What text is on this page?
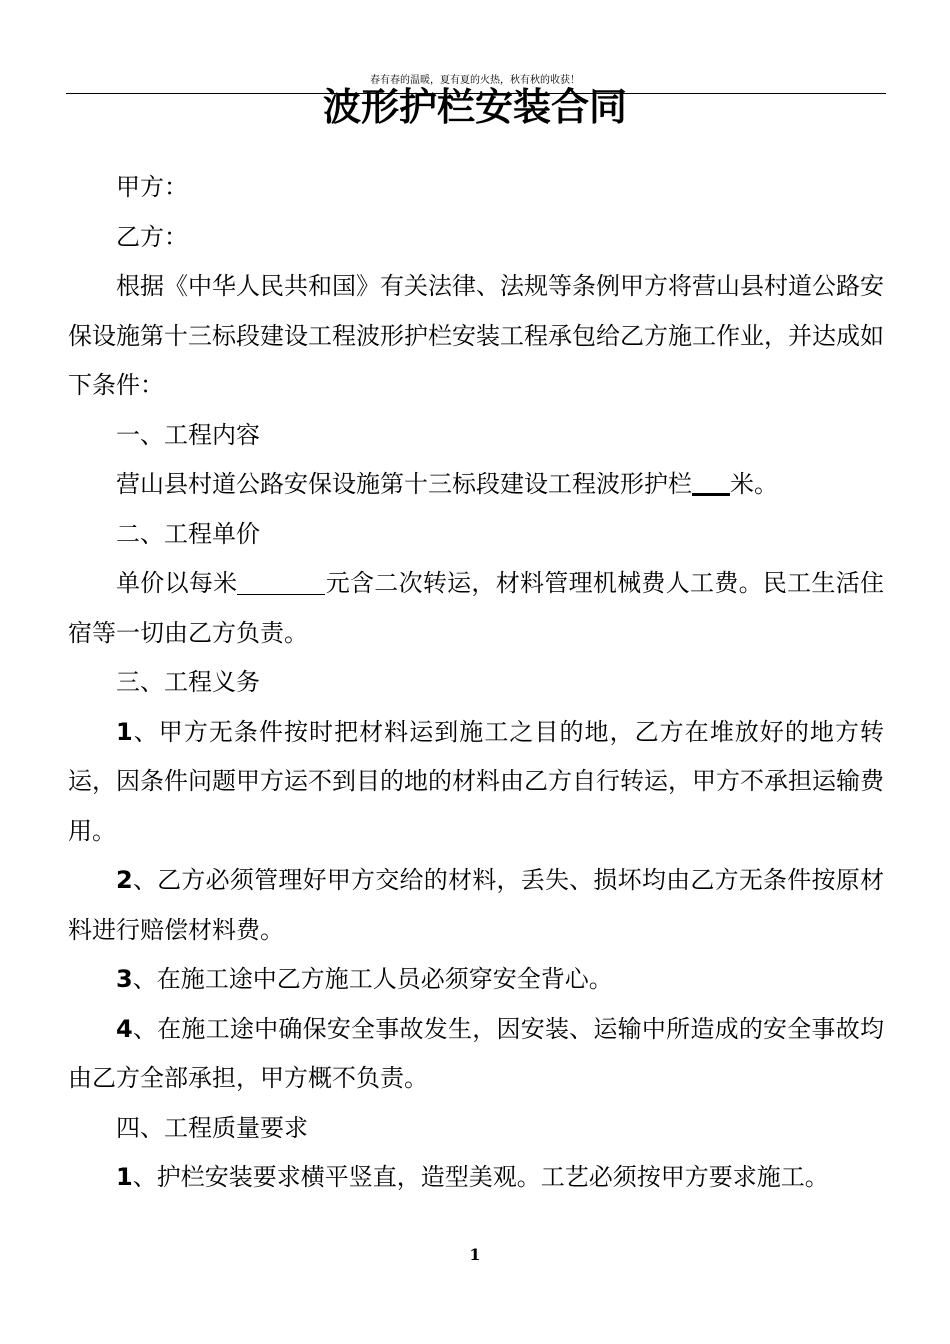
春有春的温暖，夏有夏的火热，秋有秋的收获！
波形护栏安装合同

甲方：

乙方：

根据《中华人民共和国》有关法律、法规等条例甲方将营山县村道公路安保设施第十三标段建设工程波形护栏安装工程承包给乙方施工作业，并达成如下条件：

一、工程内容

营山县村道公路安保设施第十三标段建设工程波形护栏 米。

二、工程单价

单价以每米	元含二次转运，材料管理机械费人工费。民工生活住宿等一切由乙方负责。

三、工程义务

1、甲方无条件按时把材料运到施工之目的地，乙方在堆放好的地方转运，因条件问题甲方运不到目的地的材料由乙方自行转运，甲方不承担运输费用。

2、乙方必须管理好甲方交给的材料，丢失、损坏均由乙方无条件按原材料进行赔偿材料费。

3、在施工途中乙方施工人员必须穿安全背心。

4、在施工途中确保安全事故发生，因安装、运输中所造成的安全事故均由乙方全部承担，甲方概不负责。

四、工程质量要求

1、护栏安装要求横平竖直，造型美观。工艺必须按甲方要求施工。

1
